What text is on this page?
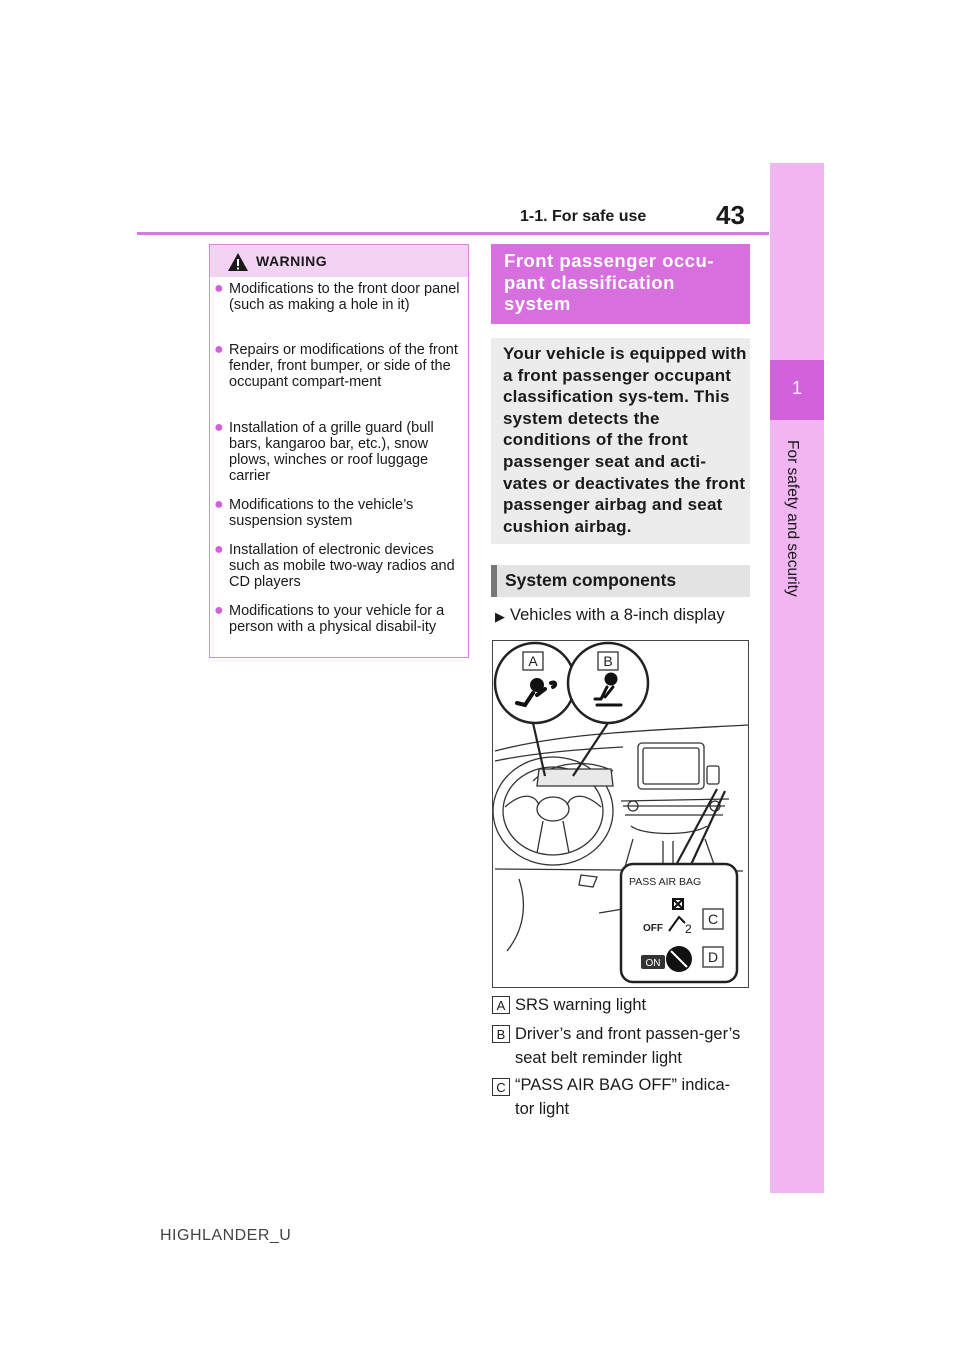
1-1. For safe use	43
1
For safety and security
WARNING
● Modifications to the front door panel (such as making a hole in it)
● Repairs or modifications of the front fender, front bumper, or side of the occupant compart-ment
● Installation of a grille guard (bull bars, kangaroo bar, etc.), snow plows, winches or roof luggage carrier
● Modifications to the vehicle’s suspension system
● Installation of electronic devices such as mobile two-way radios and CD players
● Modifications to your vehicle for a person with a physical disabil-ity
Front passenger occu-pant classification system
Your vehicle is equipped with a front passenger occupant classification sys-tem. This system detects the conditions of the front passenger seat and acti-vates or deactivates the front passenger airbag and seat cushion airbag.
System components
▶ Vehicles with a 8-inch display
A	B
PASS AIR BAG
OFF 2
ON
C
D
A SRS warning light
B Driver’s and front passen-ger’s seat belt reminder light
C “PASS AIR BAG OFF” indica-tor light
HIGHLANDER_U
